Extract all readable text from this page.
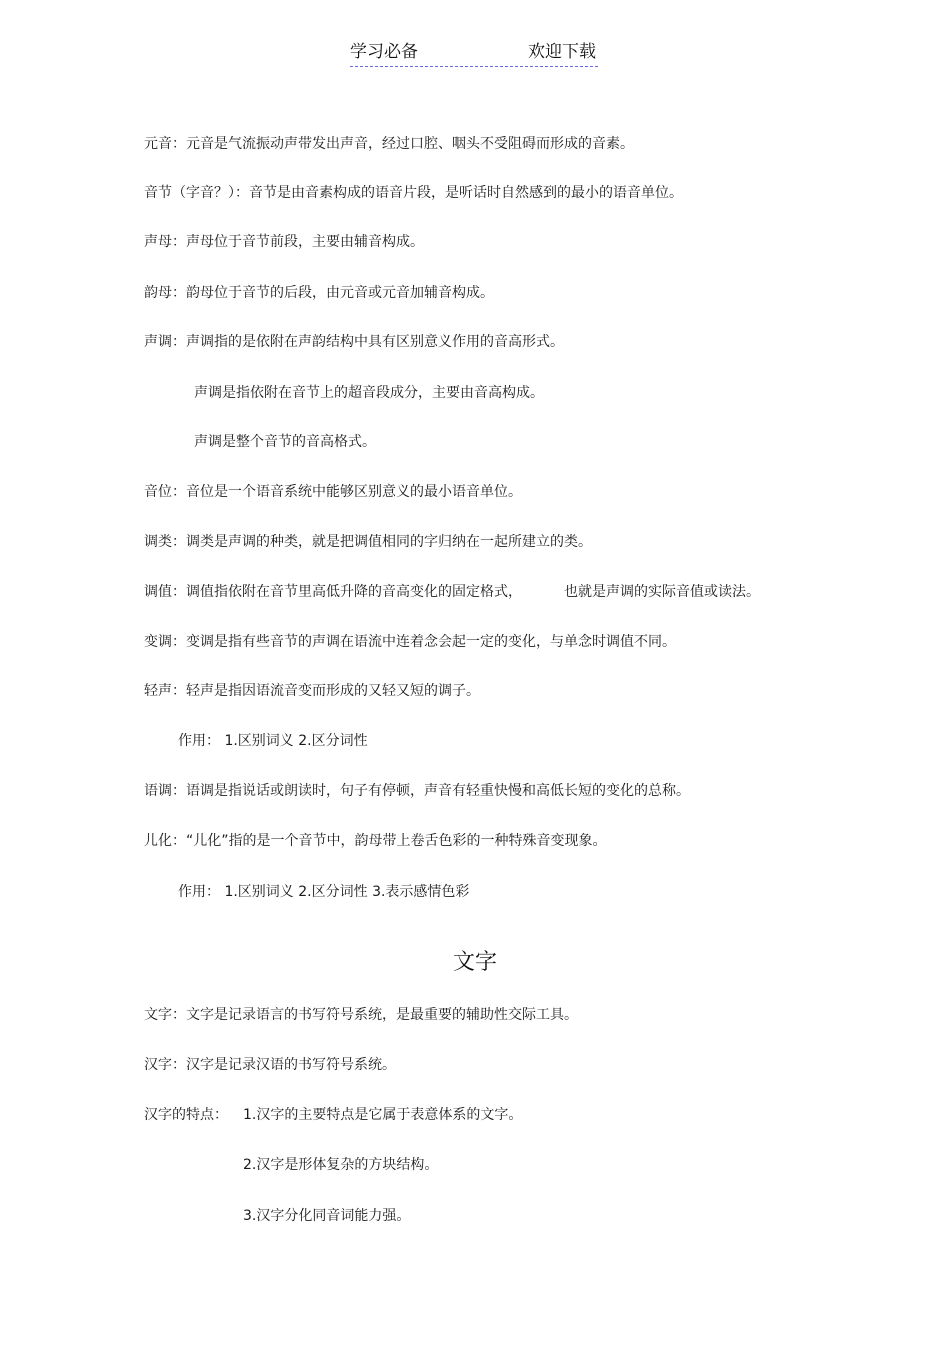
学习必备	欢迎下载
元音：元音是气流振动声带发出声音，经过口腔、咽头不受阻碍而形成的音素。
音节（字音？）：音节是由音素构成的语音片段，是听话时自然感到的最小的语音单位。
声母：声母位于音节前段，主要由辅音构成。
韵母：韵母位于音节的后段，由元音或元音加辅音构成。
声调：声调指的是依附在声韵结构中具有区别意义作用的音高形式。
声调是指依附在音节上的超音段成分，主要由音高构成。
声调是整个音节的音高格式。
音位：音位是一个语音系统中能够区别意义的最小语音单位。
调类：调类是声调的种类，就是把调值相同的字归纳在一起所建立的类。
调值：调值指依附在音节里高低升降的音高变化的固定格式，	也就是声调的实际音值或读法。
变调：变调是指有些音节的声调在语流中连着念会起一定的变化，与单念时调值不同。
轻声：轻声是指因语流音变而形成的又轻又短的调子。
作用： 1.区别词义 2.区分词性
语调：语调是指说话或朗读时，句子有停顿，声音有轻重快慢和高低长短的变化的总称。
儿化：“儿化”指的是一个音节中，韵母带上卷舌色彩的一种特殊音变现象。
作用： 1.区别词义 2.区分词性 3.表示感情色彩
文字
文字：文字是记录语言的书写符号系统，是最重要的辅助性交际工具。
汉字：汉字是记录汉语的书写符号系统。
汉字的特点： 1.汉字的主要特点是它属于表意体系的文字。
2.汉字是形体复杂的方块结构。
3.汉字分化同音词能力强。
